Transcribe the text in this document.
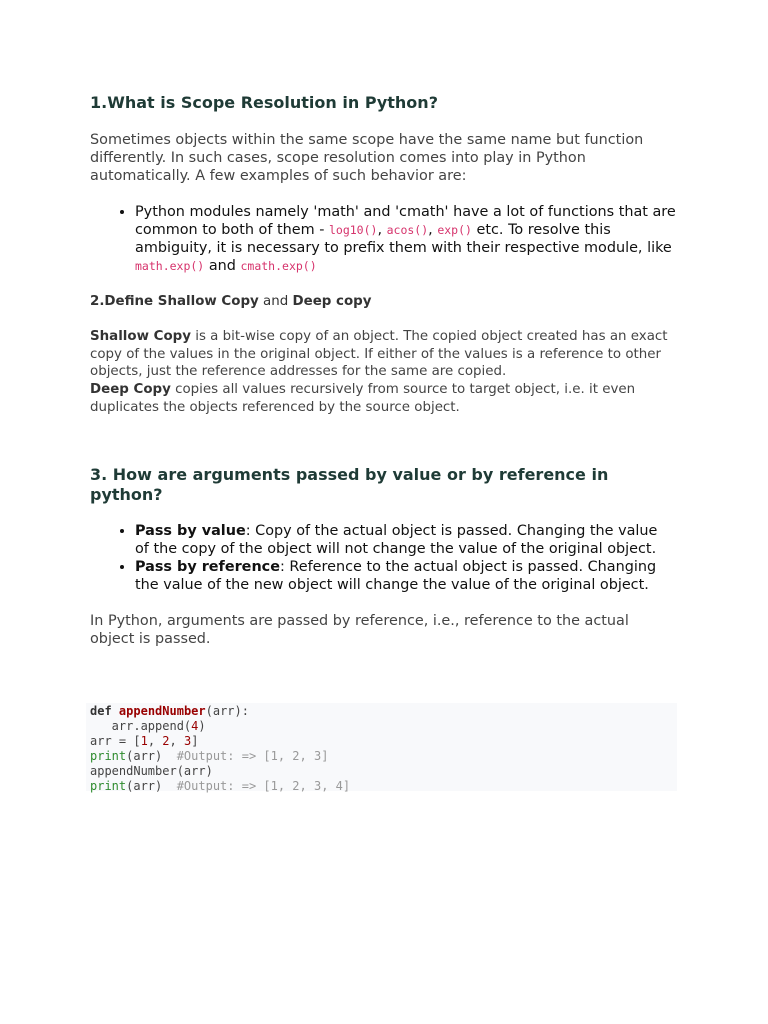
1.What is Scope Resolution in Python?

Sometimes objects within the same scope have the same name but function differently. In such cases, scope resolution comes into play in Python automatically. A few examples of such behavior are:

• Python modules namely 'math' and 'cmath' have a lot of functions that are common to both of them - log10(), acos(), exp() etc. To resolve this ambiguity, it is necessary to prefix them with their respective module, like math.exp() and cmath.exp()

2.Define Shallow Copy and Deep copy

Shallow Copy is a bit-wise copy of an object. The copied object created has an exact copy of the values in the original object. If either of the values is a reference to other objects, just the reference addresses for the same are copied.

Deep Copy copies all values recursively from source to target object, i.e. it even duplicates the objects referenced by the source object.

3. How are arguments passed by value or by reference in python?
• Pass by value: Copy of the actual object is passed. Changing the value of the copy of the object will not change the value of the original object.
• Pass by reference: Reference to the actual object is passed. Changing the value of the new object will change the value of the original object.

In Python, arguments are passed by reference, i.e., reference to the actual object is passed.

def appendNumber(arr):
arr.append(4)
arr = [1, 2, 3]
print(arr)  #Output: => [1, 2, 3]
appendNumber(arr)
print(arr)  #Output: => [1, 2, 3, 4]
